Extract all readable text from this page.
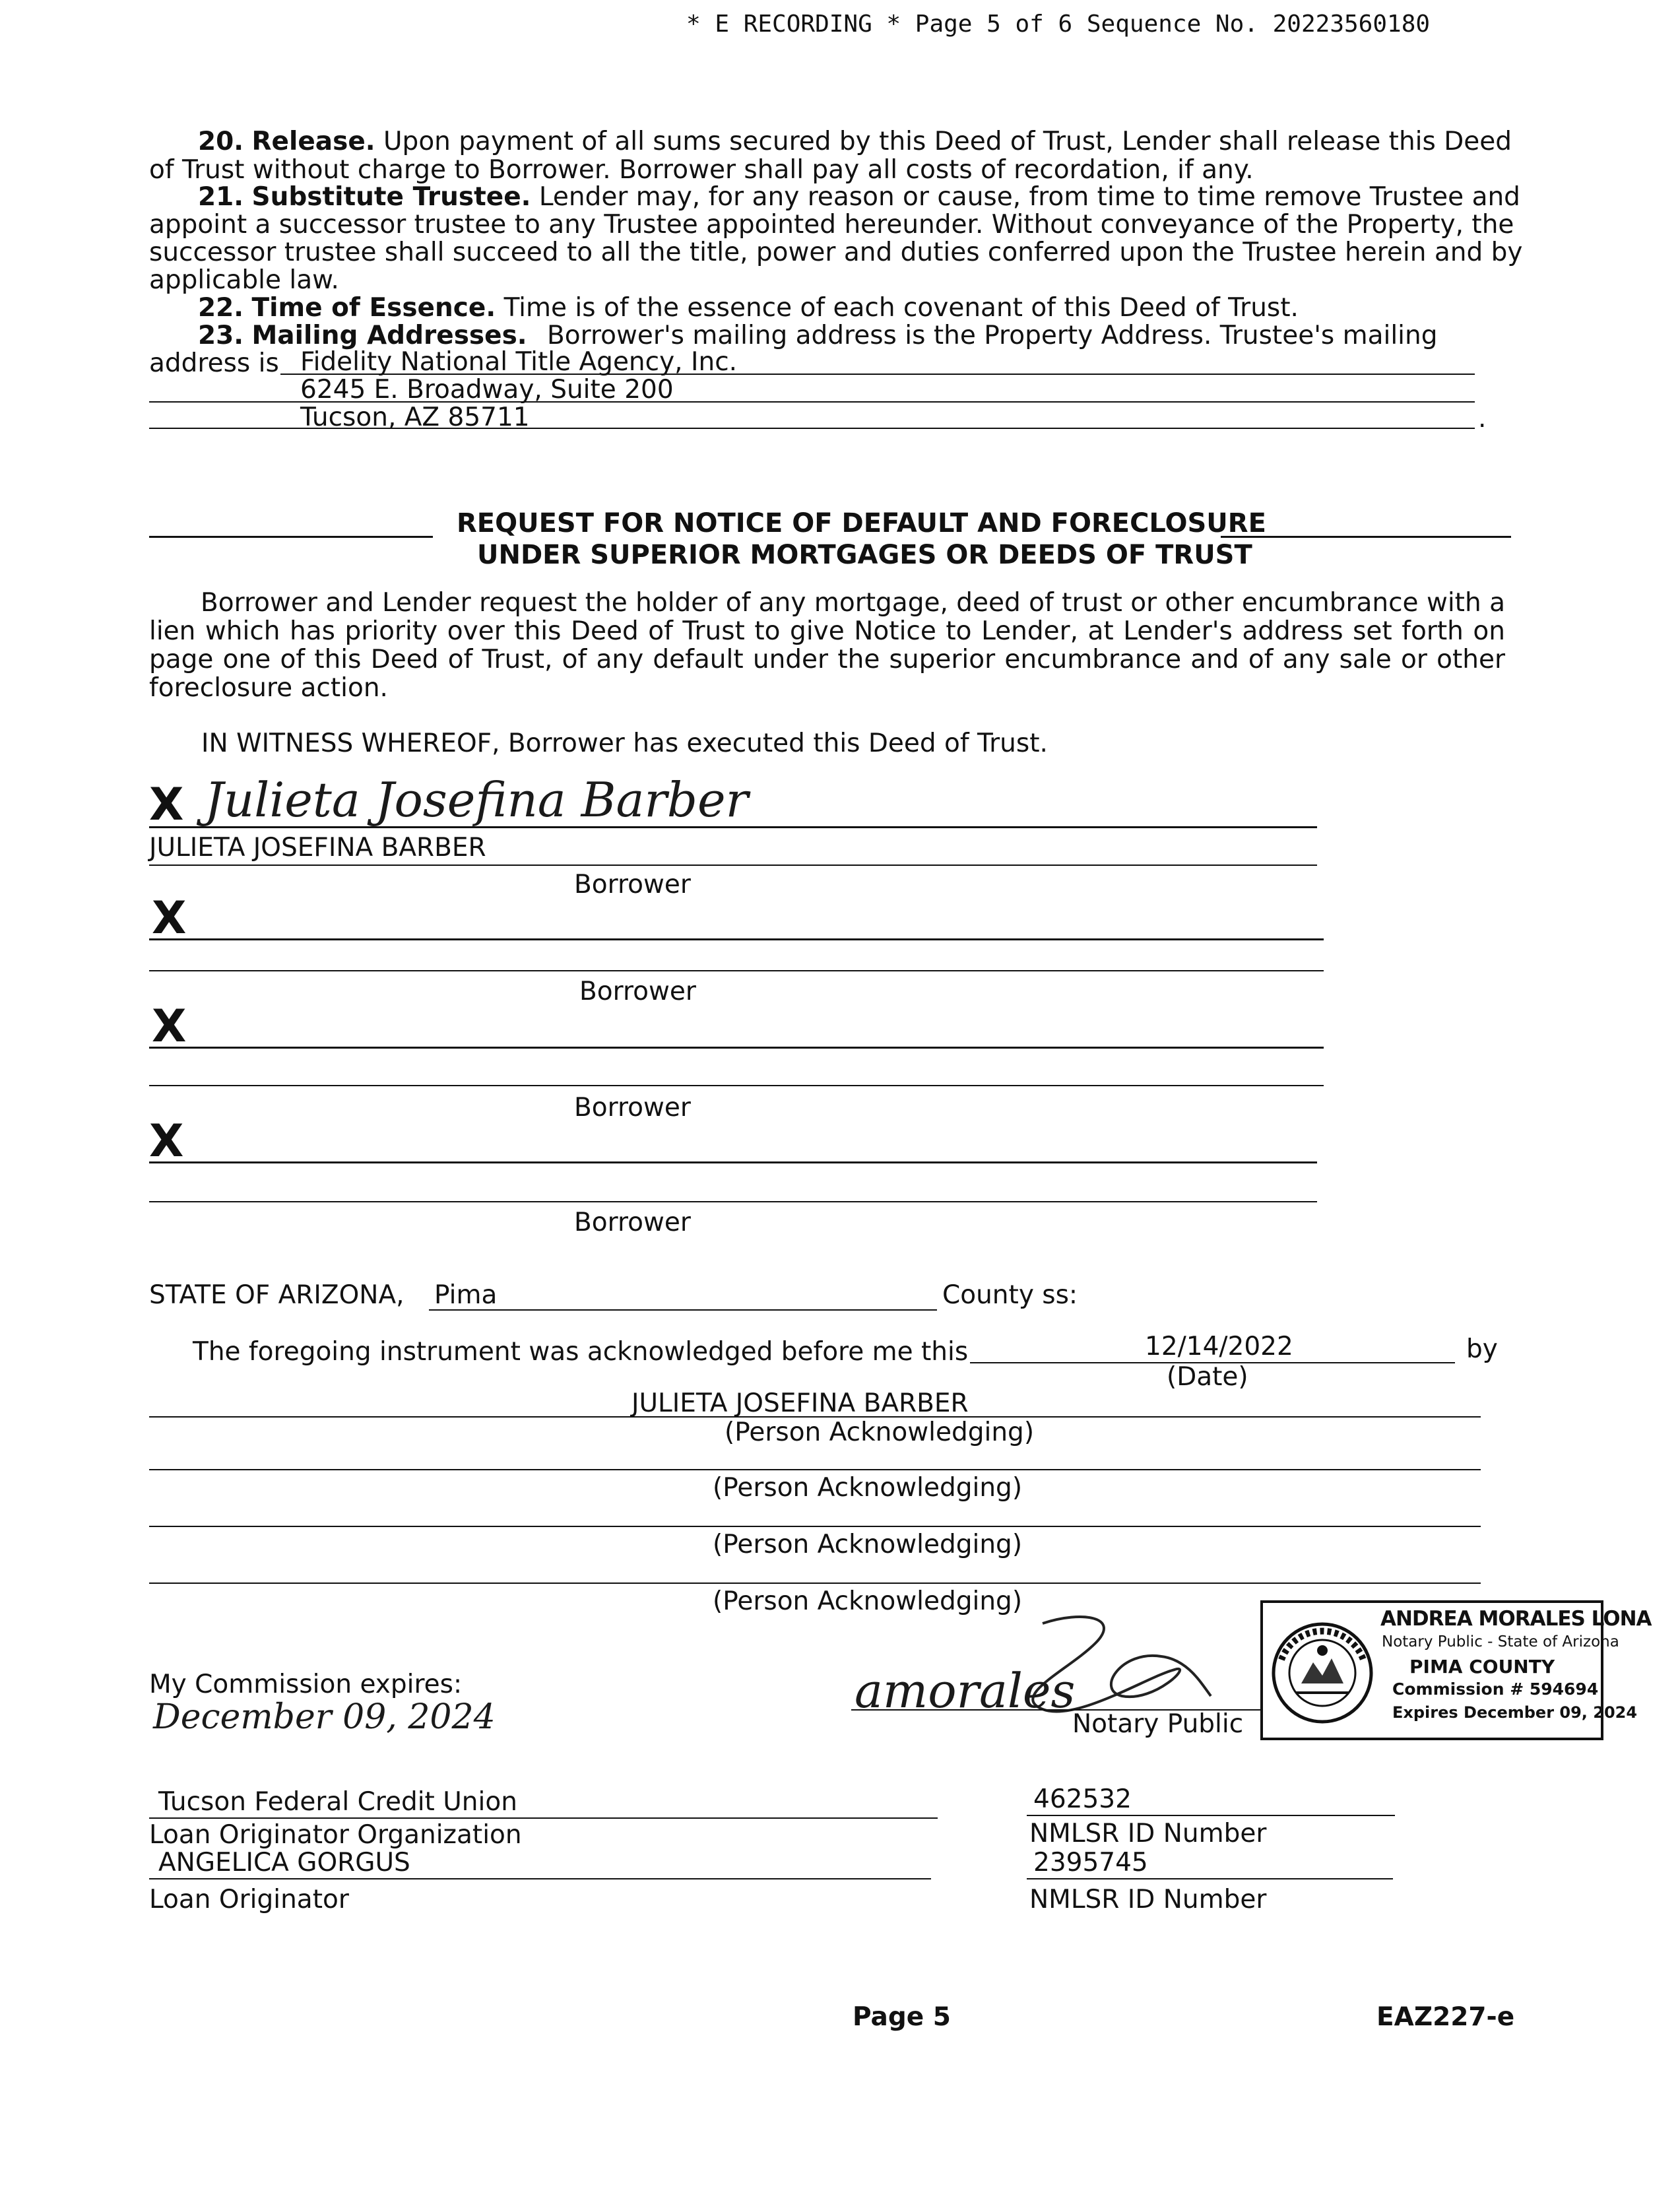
* E RECORDING * Page 5 of 6 Sequence No. 20223560180
20. Release. Upon payment of all sums secured by this Deed of Trust, Lender shall release this Deed
of Trust without charge to Borrower. Borrower shall pay all costs of recordation, if any.
21. Substitute Trustee. Lender may, for any reason or cause, from time to time remove Trustee and
appoint a successor trustee to any Trustee appointed hereunder. Without conveyance of the Property, the
successor trustee shall succeed to all the title, power and duties conferred upon the Trustee herein and by
applicable law.
22. Time of Essence. Time is of the essence of each covenant of this Deed of Trust.
23. Mailing Addresses. Borrower's mailing address is the Property Address. Trustee's mailing
address is Fidelity National Title Agency, Inc.
6245 E. Broadway, Suite 200
Tucson, AZ 85711	.
REQUEST FOR NOTICE OF DEFAULT AND FORECLOSURE
UNDER SUPERIOR MORTGAGES OR DEEDS OF TRUST
Borrower and Lender request the holder of any mortgage, deed of trust or other encumbrance with a lien which has priority over this Deed of Trust to give Notice to Lender, at Lender's address set forth on page one of this Deed of Trust, of any default under the superior encumbrance and of any sale or other foreclosure action.
IN WITNESS WHEREOF, Borrower has executed this Deed of Trust.
X Julieta Josefina Barber
JULIETA JOSEFINA BARBER
Borrower
X
Borrower
X
Borrower
X
Borrower
STATE OF ARIZONA, Pima	County ss:
The foregoing instrument was acknowledged before me this	12/14/2022	by
(Date)
JULIETA JOSEFINA BARBER
(Person Acknowledging)
(Person Acknowledging)
(Person Acknowledging)
(Person Acknowledging)
My Commission expires:
December 09, 2024	amorales
Notary Public
ANDREA MORALES LONA
Notary Public - State of Arizona
PIMA COUNTY
Commission # 594694
Expires December 09, 2024
Tucson Federal Credit Union
Loan Originator Organization
ANGELICA GORGUS
Loan Originator
462532
NMLSR ID Number
2395745
NMLSR ID Number
Page 5	EAZ227-e
